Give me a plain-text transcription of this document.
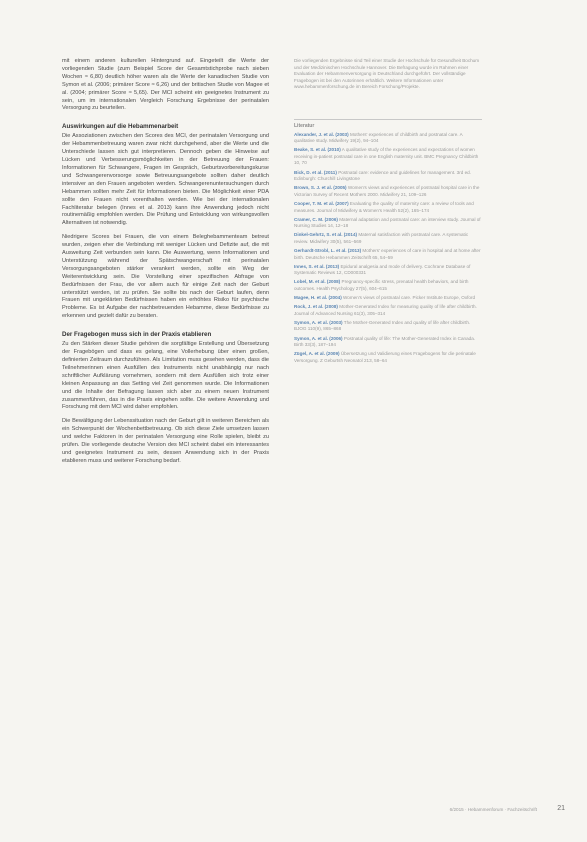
mit einem anderen kulturellen Hintergrund auf. Eingeteilt die Werte der vorliegenden Studie (zum Beispiel Score der Gesamtstichprobe nach sieben Wochen ≈ 6,80) deutlich höher waren als die Werte der kanadischen Studie von Symon et al. (2006; primärer Score ≈ 6,26) und der britischen Studie von Magee et al. (2004; primärer Score ≈ 5,65). Der MCI scheint ein geeignetes Instrument zu sein, um im internationalen Vergleich Forschung Ergebnisse der perinatalen Versorgung zu beurteilen.

Auswirkungen auf die Hebammenarbeit

Die Assoziationen zwischen den Scores des MCI, der perinatalen Versorgung und der Hebammenbetreuung waren zwar nicht durchgehend, aber die Werte und die Unterschiede lassen sich gut interpretieren. Dennoch geben die Hinweise auf Lücken und Verbesserungsmöglichkeiten in der Betreuung der Frauen: Informationen für Schwangere, Fragen im Gespräch, Geburtsvorbereitungskurse und Schwangerenvorsorge sowie Betreuungsangebote sollten daher deutlich intensiver an den Frauen angeboten werden. Schwangerenuntersuchungen durch Hebammen sollten mehr Zeit für Informationen bieten. Die Möglichkeit einer PDA sollte den Frauen nicht vorenthalten werden. Wie bei der internationalen Fachliteratur belegen (Innes et al. 2013) kann ihre Anwendung jedoch nicht routinemäßig empfohlen werden. Die Prüfung und Entwicklung von wirkungsvollen Alternativen ist notwendig.

Niedrigere Scores bei Frauen, die von einem Beleghebammenteam betreut wurden, zeigen eher die Verbindung mit weniger Lücken und Defizite auf, die mit Ausweitung Zeit verbunden sein kann. Die Auswertung, wenn Informationen und Unterstützung während der Spätschwangerschaft mit perinatalen Versorgungsangeboten stärker verankert werden, sollte ein Weg der Weiterentwicklung sein. Die Vorstellung einer spezifischen Abfrage von Bedürfnissen der Frau, die vor allem auch für einige Zeit nach der Geburt unterstützt werden, ist zu prüfen. Sie sollte bis nach der Geburt laufen, denn Frauen mit ungeklärten Bedürfnissen haben ein erhöhtes Risiko für psychische Probleme. Es ist Aufgabe der nachbetreuenden Hebamme, diese Bedürfnisse zu erkennen und gezielt dafür zu beraten.

Der Fragebogen muss sich in der Praxis etablieren

Zu den Stärken dieser Studie gehören die sorgfältige Erstellung und Übersetzung der Fragebögen und dass es gelang, eine Vollerhebung über einen großen, definierten Zeitraum durchzuführen. Als Limitation muss gesehen werden, dass die Teilnehmerinnen einen Ausfüllen des Instruments nicht unabhängig nur nach schriftlicher Aufklärung vornehmen, sondern mit dem Ausfüllen sich trotz einer kleinen Anpassung an das Setting viel Zeit genommen wurde. Die Informationen und die Inhalte der Befragung lassen sich aber zu einem neuen Instrument zusammenführen, das in die Praxis eingehen sollte. Die weitere Anwendung und Forschung mit dem MCI wird daher empfohlen.

Die Bewältigung der Lebenssituation nach der Geburt gilt in weiteren Bereichen als ein Schwerpunkt der Wochenbettbetreuung. Ob sich diese Ziele umsetzen lassen und welche Faktoren in der perinatalen Versorgung eine Rolle spielen, bleibt zu prüfen. Die vorliegende deutsche Version des MCI scheint dabei ein interessantes und geeignetes Instrument zu sein, dessen Anwendung sich in der Praxis etablieren muss und weiterer Forschung bedarf.

Die vorliegenden Ergebnisse sind Teil einer Studie der Hochschule für Gesundheit Bochum und der Medizinischen Hochschule Hannover. Die Befragung wurde im Rahmen einer Evaluation der Hebammenversorgung in Deutschland durchgeführt. Der vollständige Fragebogen ist bei den Autorinnen erhältlich. Weitere Informationen unter www.hebammenforschung.de im Bereich Forschung/Projekte.

Literatur

Alexander, J. et al. (2003) Mothers' experiences of childbirth and postnatal care. A qualitative study. Midwifery 19(2), 94–104

Beake, S. et al. (2010) A qualitative study of the experiences and expectations of women receiving in-patient postnatal care in one English maternity unit. BMC Pregnancy Childbirth 10, 70

Bick, D. et al. (2011) Postnatal care: evidence and guidelines for management. 3rd ed. Edinburgh: Churchill Livingstone

Brown, S. J. et al. (2005) Women's views and experiences of postnatal hospital care in the Victorian Survey of Recent Mothers 2000. Midwifery 21, 109–126

Cooper, T. M. et al. (2007) Evaluating the quality of maternity care: a review of tools and measures. Journal of Midwifery & Women's Health 52(2), 165–174

Cramer, C. M. (2006) Maternal adaptation and postnatal care: an interview study. Journal of Nursing Studies 14, 12–18

Dinkel-Gehrtz, S. et al. (2014) Maternal satisfaction with postnatal care. A systematic review. Midwifery 30(5), 561–569

Gerhardt-Strobl, L. et al. (2013) Mothers' experiences of care in hospital and at home after birth. Deutsche Hebammen Zeitschrift 65, 54–59

Innes, S. et al. (2013) Epidural analgesia and mode of delivery. Cochrane Database of Systematic Reviews 12, CD000331

Lobel, M. et al. (2008) Pregnancy-specific stress, prenatal health behaviors, and birth outcomes. Health Psychology 27(5), 604–615

Magee, H. et al. (2004) Women's views of postnatal care. Picker Institute Europe, Oxford

Rock, J. et al. (2008) Mother-Generated Index for measuring quality of life after childbirth. Journal of Advanced Nursing 61(3), 305–314

Symon, A. et al. (2003) The Mother-Generated Index and quality of life after childbirth. BJOG 110(9), 865–868

Symon, A. et al. (2006) Postnatal quality of life: The Mother-Generated Index in Canada. Birth 33(3), 187–194

Zügel, A. et al. (2009) Übersetzung und Validierung eines Fragebogens für die perinatale Versorgung. Z Geburtsh Neonatol 213, 58–64

6/2015 · Hebammenforum · Fachzeitschrift	21
